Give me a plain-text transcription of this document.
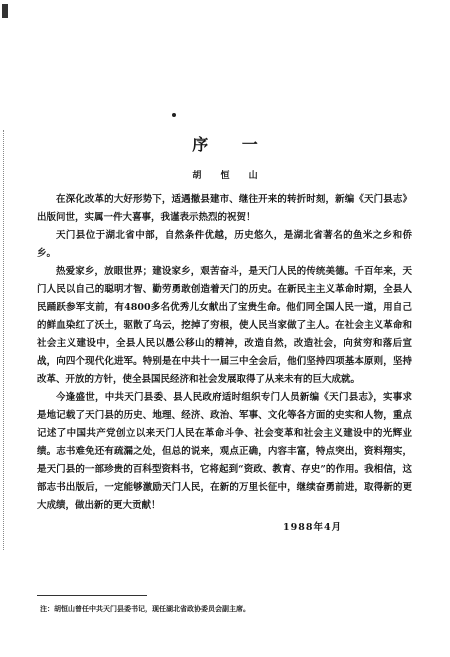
序 一
胡 恒 山

在深化改革的大好形势下，适遇撤县建市、继往开来的转折时刻，新编《天门县志》出版问世，实属一件大喜事，我谨表示热烈的祝贺！

天门县位于湖北省中部，自然条件优越，历史悠久，是湖北省著名的鱼米之乡和侨乡。

热爱家乡，放眼世界；建设家乡，艰苦奋斗，是天门人民的传统美德。千百年来，天门人民以自己的聪明才智、勤劳勇敢创造着天门的历史。在新民主主义革命时期，全县人民踊跃参军支前，有4800多名优秀儿女献出了宝贵生命。他们同全国人民一道，用自己的鲜血染红了沃土，驱散了乌云，挖掉了穷根，使人民当家做了主人。在社会主义革命和社会主义建设中，全县人民以愚公移山的精神，改造自然，改造社会，向贫穷和落后宣战，向四个现代化进军。特别是在中共十一届三中全会后，他们坚持四项基本原则，坚持改革、开放的方针，使全县国民经济和社会发展取得了从来未有的巨大成就。

今逢盛世，中共天门县委、县人民政府适时组织专门人员新编《天门县志》，实事求是地记载了天门县的历史、地理、经济、政治、军事、文化等各方面的史实和人物，重点记述了中国共产党创立以来天门人民在革命斗争、社会变革和社会主义建设中的光辉业绩。志书难免还有疏漏之处，但总的说来，观点正确，内容丰富，特点突出，资料翔实，是天门县的一部珍贵的百科型资料书，它将起到“资政、教育、存史”的作用。我相信，这部志书出版后，一定能够激励天门人民，在新的万里长征中，继续奋勇前进，取得新的更大成绩，做出新的更大贡献！

1988年4月
注：胡恒山曾任中共天门县委书记，现任湖北省政协委员会副主席。
